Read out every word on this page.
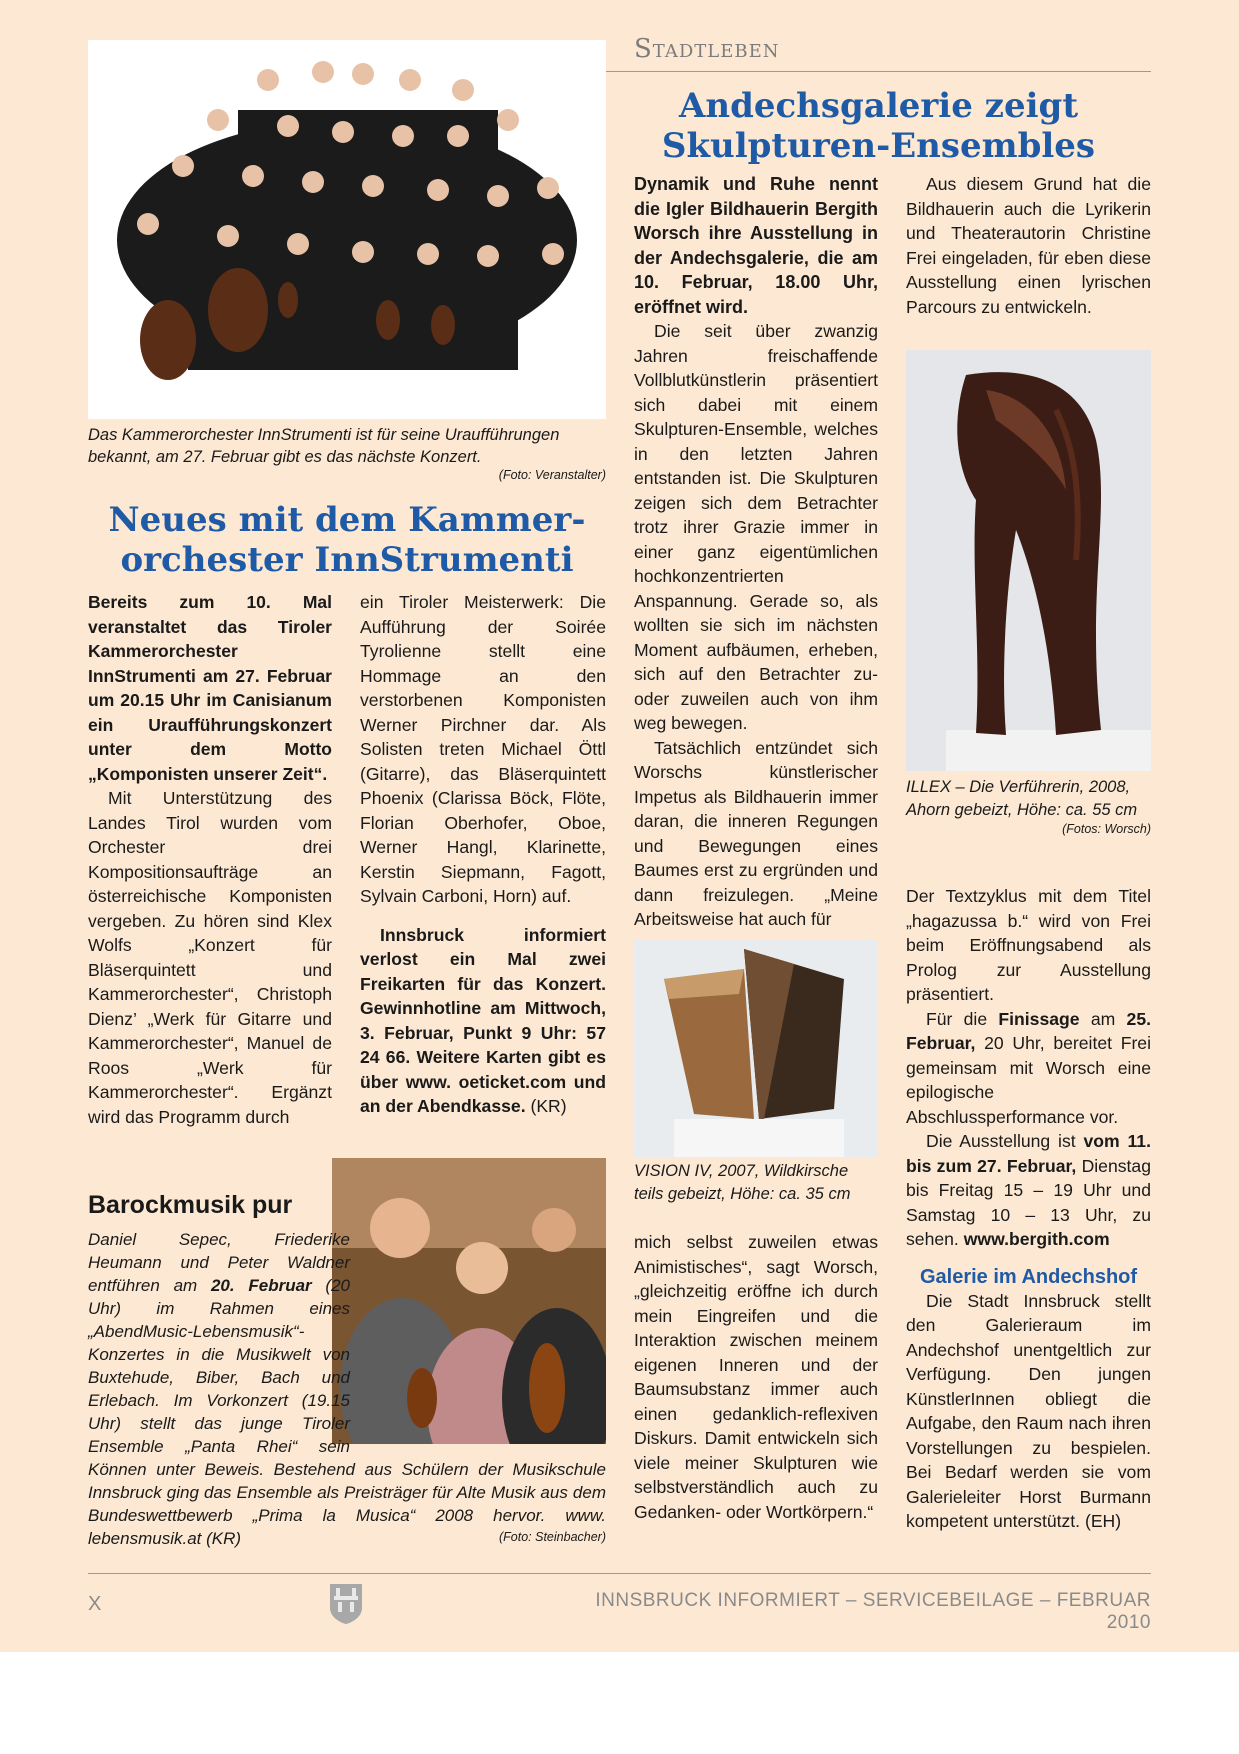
Stadtleben

Das Kammerorchester InnStrumenti ist für seine Uraufführungen bekannt, am 27. Februar gibt es das nächste Konzert.

(Foto: Veranstalter)

Neues mit dem Kammer-

orchester InnStrumenti

Bereits zum 10. Mal veranstaltet das Tiroler Kammerorchester InnStrumenti am 27. Februar um 20.15 Uhr im Canisianum ein Uraufführungskonzert unter dem Motto „Komponisten unserer Zeit“.

Mit Unterstützung des Landes Tirol wurden vom Orchester drei Kompositionsaufträge an österreichische Komponisten vergeben. Zu hören sind Klex Wolfs „Konzert für Bläserquintett und Kammerorchester“, Christoph Dienz’ „Werk für Gitarre und Kammerorchester“, Manuel de Roos „Werk für Kammerorchester“. Ergänzt wird das Programm durch

ein Tiroler Meisterwerk: Die Aufführung der Soirée Tyrolienne stellt eine Hommage an den verstorbenen Komponisten Werner Pirchner dar. Als Solisten treten Michael Öttl (Gitarre), das Bläserquintett Phoenix (Clarissa Böck, Flöte, Florian Oberhofer, Oboe, Werner Hangl, Klarinette, Kerstin Siepmann, Fagott, Sylvain Carboni, Horn) auf.

Innsbruck informiert verlost ein Mal zwei Freikarten für das Konzert. Gewinnhotline am Mittwoch, 3. Februar, Punkt 9 Uhr: 57 24 66. Weitere Karten gibt es über www. oeticket.com und an der Abendkasse. (KR)

Barockmusik pur

Daniel Sepec, Friederike Heumann und Peter Waldner entführen am 20. Februar (20 Uhr) im Rahmen eines „AbendMusic-Lebensmusik“-Konzertes in die Musikwelt von Buxtehude, Biber, Bach und Erlebach. Im Vorkonzert (19.15 Uhr) stellt das junge Tiroler Ensemble „Panta Rhei“ sein Können unter Beweis. Bestehend aus Schülern der Musikschule Innsbruck ging das Ensemble als Preisträger für Alte Musik aus dem Bundeswettbewerb „Prima la Musica“ 2008 hervor. www. lebensmusik.at (KR)	(Foto: Steinbacher)

Andechsgalerie zeigt

Skulpturen-Ensembles

Dynamik und Ruhe nennt die Igler Bildhauerin Bergith Worsch ihre Ausstellung in der Andechsgalerie, die am 10. Februar, 18.00 Uhr, eröffnet wird.

Die seit über zwanzig Jahren freischaffende Vollblutkünstlerin präsentiert sich dabei mit einem Skulpturen-Ensemble, welches in den letzten Jahren entstanden ist. Die Skulpturen zeigen sich dem Betrachter trotz ihrer Grazie immer in einer ganz eigentümlichen hochkonzentrierten Anspannung. Gerade so, als wollten sie sich im nächsten Moment aufbäumen, erheben, sich auf den Betrachter zu- oder zuweilen auch von ihm weg bewegen.

Tatsächlich entzündet sich Worschs künstlerischer Impetus als Bildhauerin immer daran, die inneren Regungen und Bewegungen eines Baumes erst zu ergründen und dann freizulegen. „Meine Arbeitsweise hat auch für

VISION IV, 2007, Wildkirsche teils gebeizt, Höhe: ca. 35 cm

mich selbst zuweilen etwas Animistisches“, sagt Worsch, „gleichzeitig eröffne ich durch mein Eingreifen und die Interaktion zwischen meinem eigenen Inneren und der Baumsubstanz immer auch einen gedanklich-reflexiven Diskurs. Damit entwickeln sich viele meiner Skulpturen wie selbstverständlich auch zu Gedanken- oder Wortkörpern.“

Aus diesem Grund hat die Bildhauerin auch die Lyrikerin und Theaterautorin Christine Frei eingeladen, für eben diese Ausstellung einen lyrischen Parcours zu entwickeln.

ILLEX – Die Verführerin, 2008, Ahorn gebeizt, Höhe: ca. 55 cm

(Fotos: Worsch)

Der Textzyklus mit dem Titel „hagazussa b.“ wird von Frei beim Eröffnungsabend als Prolog zur Ausstellung präsentiert.

Für die Finissage am 25. Februar, 20 Uhr, bereitet Frei gemeinsam mit Worsch eine epilogische Abschlussperformance vor.

Die Ausstellung ist vom 11. bis zum 27. Februar, Dienstag bis Freitag 15 – 19 Uhr und Samstag 10 – 13 Uhr, zu sehen. www.bergith.com

Galerie im Andechshof

Die Stadt Innsbruck stellt den Galerieraum im Andechshof unentgeltlich zur Verfügung. Den jungen KünstlerInnen obliegt die Aufgabe, den Raum nach ihren Vorstellungen zu bespielen. Bei Bedarf werden sie vom Galerieleiter Horst Burmann kompetent unterstützt. (EH)

X	INNSBRUCK INFORMIERT – SERVICEBEILAGE – FEBRUAR 2010
